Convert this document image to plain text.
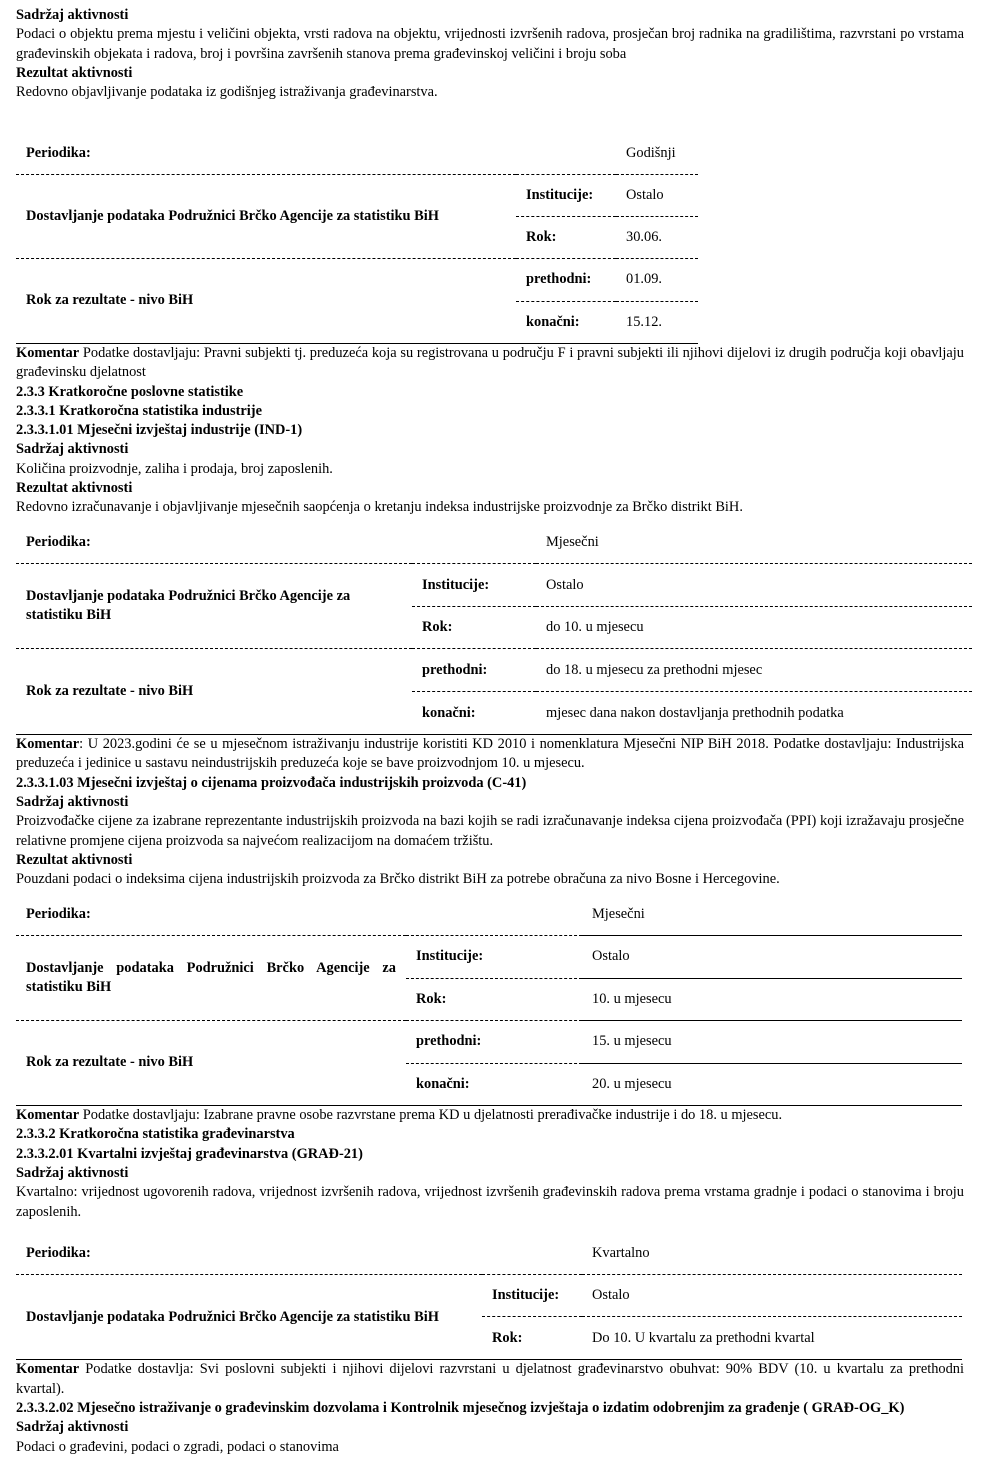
Sadržaj aktivnosti

Podaci o objektu prema mjestu i veličini objekta, vrsti radova na objektu, vrijednosti izvršenih radova, prosječan broj radnika na gradilištima, razvrstani po vrstama građevinskih objekata i radova, broj i površina završenih stanova prema građevinskoj veličini i broju soba

Rezultat aktivnosti

Redovno objavljivanje podataka iz godišnjeg istraživanja građevinarstva.

Periodika:		Godišnji
Dostavljanje podataka Podružnici Brčko Agencije za statistiku BiH	Institucije:	Ostalo
	Rok:	30.06.
Rok za rezultate - nivo BiH	prethodni:	01.09.
	konačni:	15.12.

Komentar Podatke dostavljaju: Pravni subjekti tj. preduzeća koja su registrovana u području F i pravni subjekti ili njihovi dijelovi iz drugih područja koji obavljaju građevinsku djelatnost

2.3.3 Kratkoročne poslovne statistike

2.3.3.1 Kratkoročna statistika industrije

2.3.3.1.01 Mjesečni izvještaj industrije (IND-1)

Sadržaj aktivnosti

Količina proizvodnje, zaliha i prodaja, broj zaposlenih.

Rezultat aktivnosti

Redovno izračunavanje i objavljivanje mjesečnih saopćenja o kretanju indeksa industrijske proizvodnje za Brčko distrikt BiH.

Periodika:		Mjesečni
Dostavljanje podataka Podružnici Brčko Agencije za statistiku BiH	Institucije:	Ostalo
	Rok:	do 10. u mjesecu
Rok za rezultate - nivo BiH	prethodni:	do 18. u mjesecu za prethodni mjesec
	konačni:	mjesec dana nakon dostavljanja prethodnih podatka

Komentar: U 2023.godini će se u mjesečnom istraživanju industrije koristiti KD 2010 i nomenklatura Mjesečni NIP BiH 2018. Podatke dostavljaju: Industrijska preduzeća i jedinice u sastavu neindustrijskih preduzeća koje se bave proizvodnjom 10. u mjesecu.

2.3.3.1.03 Mjesečni izvještaj o cijenama proizvođača industrijskih proizvoda (C-41)

Sadržaj aktivnosti

Proizvođačke cijene za izabrane reprezentante industrijskih proizvoda na bazi kojih se radi izračunavanje indeksa cijena proizvođača (PPI) koji izražavaju prosječne relativne promjene cijena proizvoda sa najvećom realizacijom na domaćem tržištu.

Rezultat aktivnosti

Pouzdani podaci o indeksima cijena industrijskih proizvoda za Brčko distrikt BiH za potrebe obračuna za nivo Bosne i Hercegovine.

Periodika:		Mjesečni
Dostavljanje podataka Podružnici Brčko Agencije za statistiku BiH	Institucije:	Ostalo
	Rok:	10. u mjesecu
Rok za rezultate - nivo BiH	prethodni:	15. u mjesecu
	konačni:	20. u mjesecu

Komentar Podatke dostavljaju: Izabrane pravne osobe razvrstane prema KD u djelatnosti prerađivačke industrije i do 18. u mjesecu.

2.3.3.2 Kratkoročna statistika građevinarstva

2.3.3.2.01 Kvartalni izvještaj građevinarstva (GRAĐ-21)

Sadržaj aktivnosti

Kvartalno: vrijednost ugovorenih radova, vrijednost izvršenih radova, vrijednost izvršenih građevinskih radova prema vrstama gradnje i podaci o stanovima i broju zaposlenih.

Periodika:		Kvartalno
Dostavljanje podataka Podružnici Brčko Agencije za statistiku BiH	Institucije:	Ostalo
	Rok:	Do 10. U kvartalu za prethodni kvartal

Komentar Podatke dostavlja: Svi poslovni subjekti i njihovi dijelovi razvrstani u djelatnost građevinarstvo obuhvat: 90% BDV (10. u kvartalu za prethodni kvartal).

2.3.3.2.02 Mjesečno istraživanje o građevinskim dozvolama i Kontrolnik mjesečnog izvještaja o izdatim odobrenjim za građenje ( GRAĐ-OG_K)

Sadržaj aktivnosti

Podaci o građevini, podaci o zgradi, podaci o stanovima
